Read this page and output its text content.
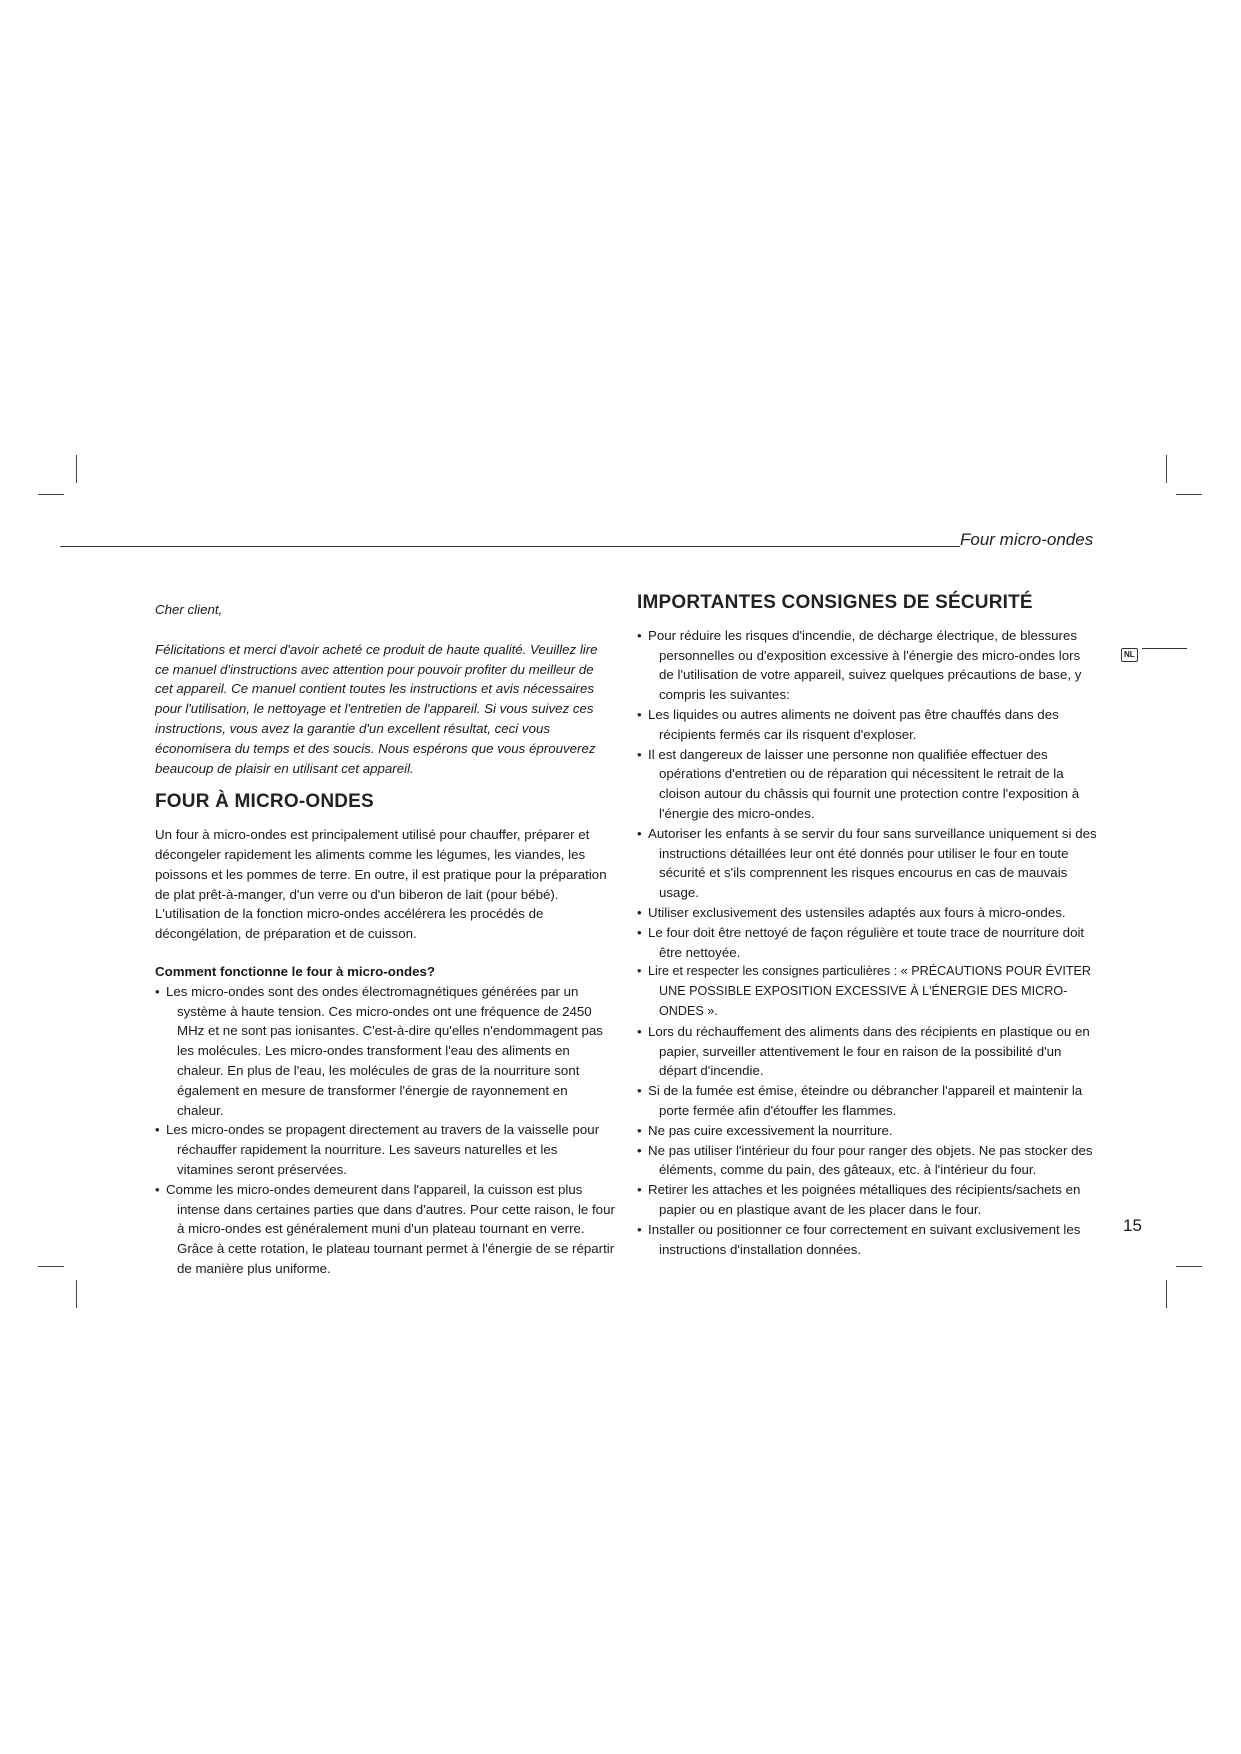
Four micro-ondes
NL
15

Cher client,

Félicitations et merci d'avoir acheté ce produit de haute qualité. Veuillez lire ce manuel d'instructions avec attention pour pouvoir profiter du meilleur de cet appareil. Ce manuel contient toutes les instructions et avis nécessaires pour l'utilisation, le nettoyage et l'entretien de l'appareil. Si vous suivez ces instructions, vous avez la garantie d'un excellent résultat, ceci vous économisera du temps et des soucis. Nous espérons que vous éprouverez beaucoup de plaisir en utilisant cet appareil.

FOUR À MICRO-ONDES

Un four à micro-ondes est principalement utilisé pour chauffer, préparer et décongeler rapidement les aliments comme les légumes, les viandes, les poissons et les pommes de terre. En outre, il est pratique pour la préparation de plat prêt-à-manger, d'un verre ou d'un biberon de lait (pour bébé). L'utilisation de la fonction micro-ondes accélérera les procédés de décongélation, de préparation et de cuisson.

Comment fonctionne le four à micro-ondes?
• Les micro-ondes sont des ondes électromagnétiques générées par un système à haute tension. Ces micro-ondes ont une fréquence de 2450 MHz et ne sont pas ionisantes. C'est-à-dire qu'elles n'endommagent pas les molécules. Les micro-ondes transforment l'eau des aliments en chaleur. En plus de l'eau, les molécules de gras de la nourriture sont également en mesure de transformer l'énergie de rayonnement en chaleur.
• Les micro-ondes se propagent directement au travers de la vaisselle pour réchauffer rapidement la nourriture. Les saveurs naturelles et les vitamines seront préservées.
• Comme les micro-ondes demeurent dans l'appareil, la cuisson est plus intense dans certaines parties que dans d'autres. Pour cette raison, le four à micro-ondes est généralement muni d'un plateau tournant en verre. Grâce à cette rotation, le plateau tournant permet à l'énergie de se répartir de manière plus uniforme.
IMPORTANTES CONSIGNES DE SÉCURITÉ
• Pour réduire les risques d'incendie, de décharge électrique, de blessures personnelles ou d'exposition excessive à l'énergie des micro-ondes lors de l'utilisation de votre appareil, suivez quelques précautions de base, y compris les suivantes:
• Les liquides ou autres aliments ne doivent pas être chauffés dans des récipients fermés car ils risquent d'exploser.
• Il est dangereux de laisser une personne non qualifiée effectuer des opérations d'entretien ou de réparation qui nécessitent le retrait de la cloison autour du châssis qui fournit une protection contre l'exposition à l'énergie des micro-ondes.
• Autoriser les enfants à se servir du four sans surveillance uniquement si des instructions détaillées leur ont été donnés pour utiliser le four en toute sécurité et s'ils comprennent les risques encourus en cas de mauvais usage.
• Utiliser exclusivement des ustensiles adaptés aux fours à micro-ondes.
• Le four doit être nettoyé de façon régulière et toute trace de nourriture doit être nettoyée.
• Lire et respecter les consignes particulières : « PRÉCAUTIONS POUR ÉVITER UNE POSSIBLE EXPOSITION EXCESSIVE À L'ÉNERGIE DES MICRO-ONDES ».
• Lors du réchauffement des aliments dans des récipients en plastique ou en papier, surveiller attentivement le four en raison de la possibilité d'un départ d'incendie.
• Si de la fumée est émise, éteindre ou débrancher l'appareil et maintenir la porte fermée afin d'étouffer les flammes.
• Ne pas cuire excessivement la nourriture.
• Ne pas utiliser l'intérieur du four pour ranger des objets. Ne pas stocker des éléments, comme du pain, des gâteaux, etc. à l'intérieur du four.
• Retirer les attaches et les poignées métalliques des récipients/sachets en papier ou en plastique avant de les placer dans le four.
• Installer ou positionner ce four correctement en suivant exclusivement les instructions d'installation données.
